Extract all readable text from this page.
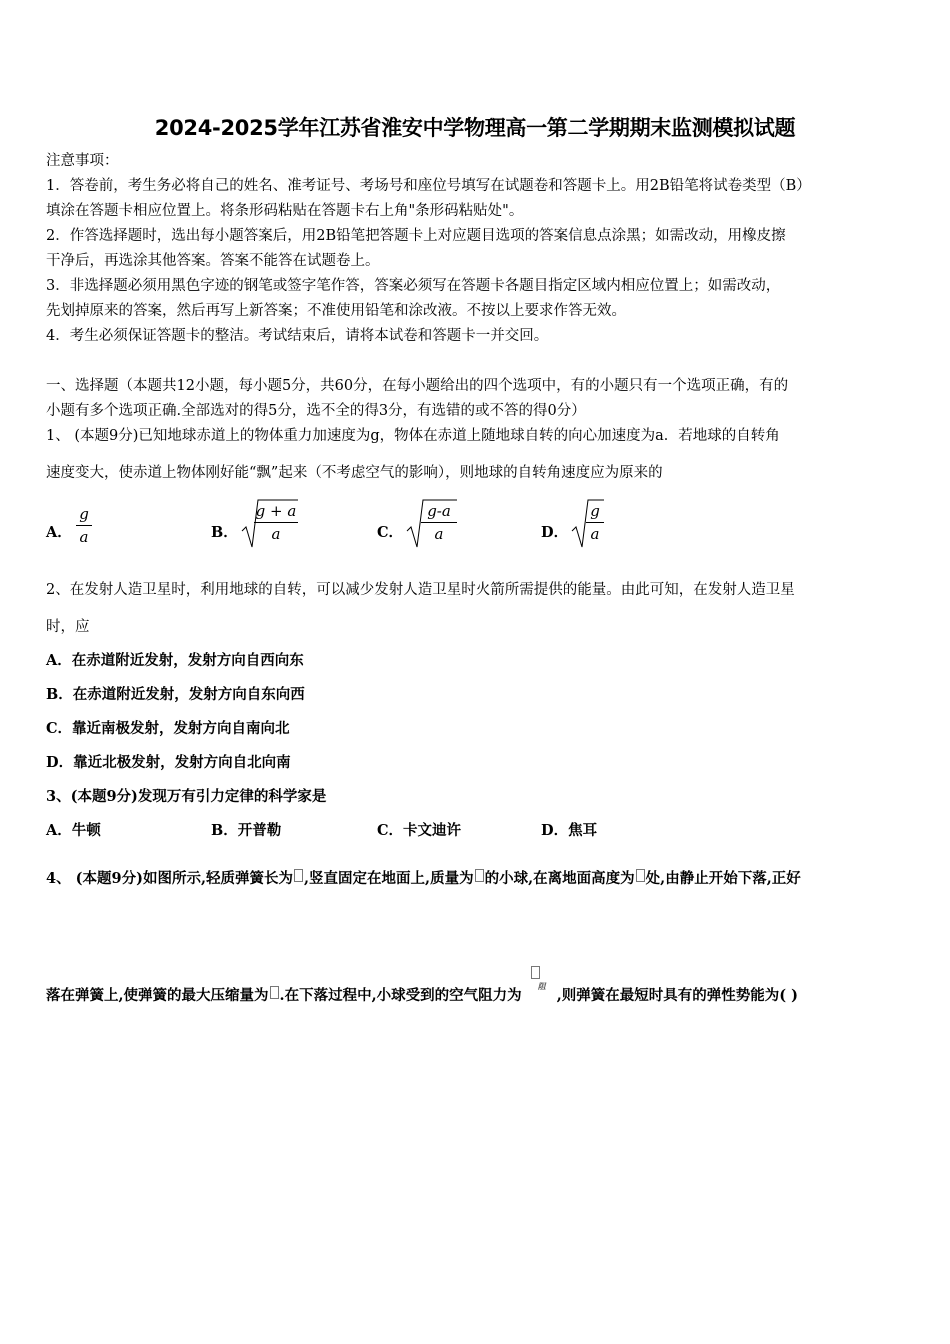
2024-2025学年江苏省淮安中学物理高一第二学期期末监测模拟试题
注意事项：
1．答卷前，考生务必将自己的姓名、准考证号、考场号和座位号填写在试题卷和答题卡上。用2B铅笔将试卷类型（B）
填涂在答题卡相应位置上。将条形码粘贴在答题卡右上角"条形码粘贴处"。
2．作答选择题时，选出每小题答案后，用2B铅笔把答题卡上对应题目选项的答案信息点涂黑；如需改动，用橡皮擦
干净后，再选涂其他答案。答案不能答在试题卷上。
3．非选择题必须用黑色字迹的钢笔或签字笔作答，答案必须写在答题卡各题目指定区域内相应位置上；如需改动，
先划掉原来的答案，然后再写上新答案；不准使用铅笔和涂改液。不按以上要求作答无效。
4．考生必须保证答题卡的整洁。考试结束后，请将本试卷和答题卡一并交回。
一、选择题（本题共12小题，每小题5分，共60分，在每小题给出的四个选项中，有的小题只有一个选项正确，有的
小题有多个选项正确.全部选对的得5分，选不全的得3分，有选错的或不答的得0分）
1、 (本题9分)已知地球赤道上的物体重力加速度为g，物体在赤道上随地球自转的向心加速度为a．若地球的自转角
速度变大，使赤道上物体刚好能“飘”起来（不考虑空气的影响），则地球的自转角速度应为原来的
A．
g
a	B．
g + a
a	C．
g-a
a	D．
g
a
2、在发射人造卫星时，利用地球的自转，可以减少发射人造卫星时火箭所需提供的能量。由此可知，在发射人造卫星
时，应
A．在赤道附近发射，发射方向自西向东
B．在赤道附近发射，发射方向自东向西
C．靠近南极发射，发射方向自南向北
D．靠近北极发射，发射方向自北向南
3、(本题9分)发现万有引力定律的科学家是
A．牛顿	B．开普勒	C．卡文迪许	D．焦耳
4、 (本题9分)如图所示,轻质弹簧长为 ,竖直固定在地面上,质量为 的小球,在离地面高度为 处,由静止开始下落,正好
落在弹簧上,使弹簧的最大压缩量为 .在下落过程中,小球受到的空气阻力为
阻
,则弹簧在最短时具有的弹性势能为( )
